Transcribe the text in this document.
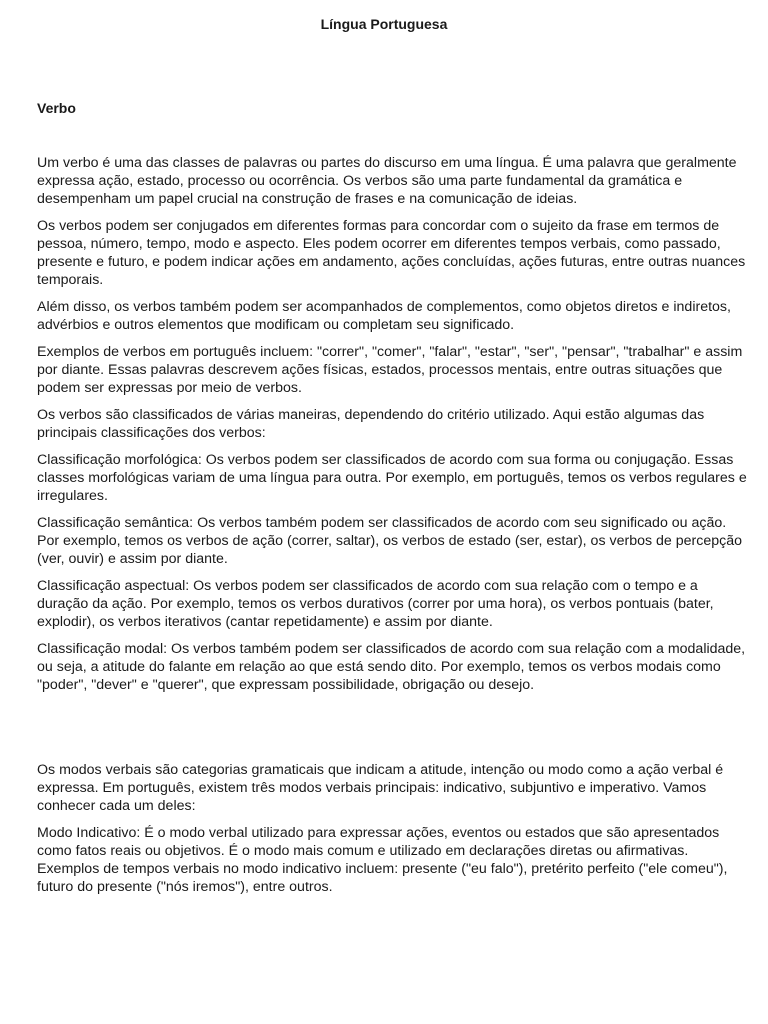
Língua Portuguesa
Verbo

Um verbo é uma das classes de palavras ou partes do discurso em uma língua. É uma palavra que geralmente expressa ação, estado, processo ou ocorrência. Os verbos são uma parte fundamental da gramática e desempenham um papel crucial na construção de frases e na comunicação de ideias.

Os verbos podem ser conjugados em diferentes formas para concordar com o sujeito da frase em termos de pessoa, número, tempo, modo e aspecto. Eles podem ocorrer em diferentes tempos verbais, como passado, presente e futuro, e podem indicar ações em andamento, ações concluídas, ações futuras, entre outras nuances temporais.

Além disso, os verbos também podem ser acompanhados de complementos, como objetos diretos e indiretos, advérbios e outros elementos que modificam ou completam seu significado.

Exemplos de verbos em português incluem: "correr", "comer", "falar", "estar", "ser", "pensar", "trabalhar" e assim por diante. Essas palavras descrevem ações físicas, estados, processos mentais, entre outras situações que podem ser expressas por meio de verbos.

Os verbos são classificados de várias maneiras, dependendo do critério utilizado. Aqui estão algumas das principais classificações dos verbos:

Classificação morfológica: Os verbos podem ser classificados de acordo com sua forma ou conjugação. Essas classes morfológicas variam de uma língua para outra. Por exemplo, em português, temos os verbos regulares e irregulares.

Classificação semântica: Os verbos também podem ser classificados de acordo com seu significado ou ação. Por exemplo, temos os verbos de ação (correr, saltar), os verbos de estado (ser, estar), os verbos de percepção (ver, ouvir) e assim por diante.

Classificação aspectual: Os verbos podem ser classificados de acordo com sua relação com o tempo e a duração da ação. Por exemplo, temos os verbos durativos (correr por uma hora), os verbos pontuais (bater, explodir), os verbos iterativos (cantar repetidamente) e assim por diante.

Classificação modal: Os verbos também podem ser classificados de acordo com sua relação com a modalidade, ou seja, a atitude do falante em relação ao que está sendo dito. Por exemplo, temos os verbos modais como "poder", "dever" e "querer", que expressam possibilidade, obrigação ou desejo.

Os modos verbais são categorias gramaticais que indicam a atitude, intenção ou modo como a ação verbal é expressa. Em português, existem três modos verbais principais: indicativo, subjuntivo e imperativo. Vamos conhecer cada um deles:

Modo Indicativo: É o modo verbal utilizado para expressar ações, eventos ou estados que são apresentados como fatos reais ou objetivos. É o modo mais comum e utilizado em declarações diretas ou afirmativas. Exemplos de tempos verbais no modo indicativo incluem: presente ("eu falo"), pretérito perfeito ("ele comeu"), futuro do presente ("nós iremos"), entre outros.
